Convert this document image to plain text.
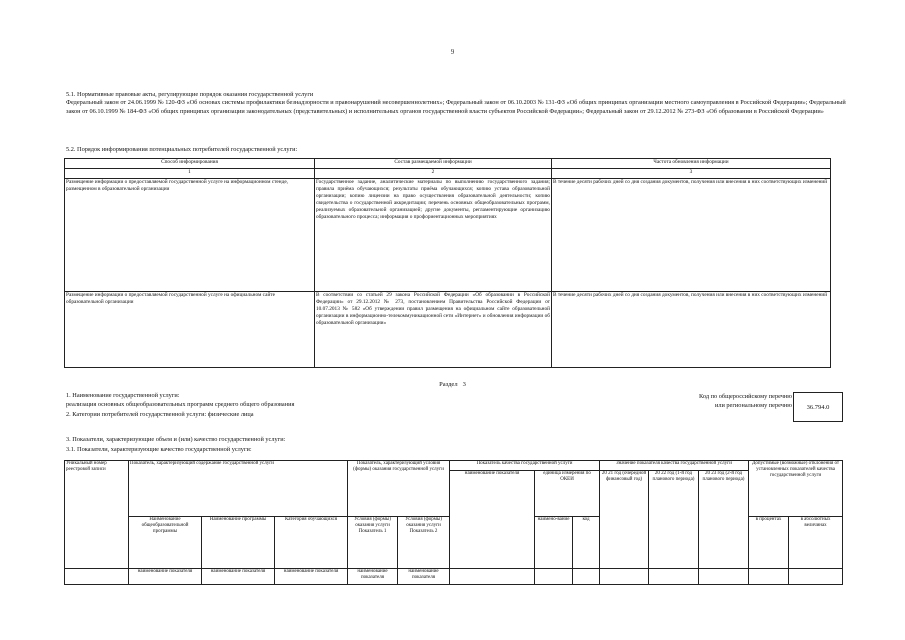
9
5.1. Нормативные правовые акты, регулирующие порядок оказания государственной услуги
Федеральный закон от 24.06.1999 № 120-ФЗ «Об основах системы профилактики безнадзорности и правонарушений несовершеннолетних»; Федеральный закон от 06.10.2003 № 131-ФЗ «Об общих принципах организации местного самоуправления в Российской Федерации»; Федеральный закон от 06.10.1999 № 184-ФЗ «Об общих принципах организации законодательных (представительных) и исполнительных органов государственной власти субъектов Российской Федерации»; Федеральный закон от 29.12.2012 № 273-ФЗ «Об образовании в Российской Федерации»
5.2. Порядок информирования потенциальных потребителей государственной услуги:
Способ информирования	Состав размещаемой информации	Частота обновления информации
1	2	3
Размещение информации о предоставляемой государственной услуге на информационном стенде, размещенном в образовательной организации	Государственное задание, аналитические материалы по выполнению государственного задания; правила приёма обучающихся; результаты приёма обучающихся; копию устава образовательной организации; копию лицензии на право осуществления образовательной деятельности; копию свидетельства о государственной аккредитации; перечень основных общеобразовательных программ, реализуемых образовательной организацией; другие документы, регламентирующие организацию образовательного процесса; информация о профориентационных мероприятиях	В течение десяти рабочих дней со дня создания документов, получения или внесения в них соответствующих изменений
Размещение информации о предоставляемой государственной услуге на официальном сайте образовательной организации	В соответствии со статьей 29 закона Российской Федерации «Об образовании в Российской Федерации» от 29.12.2012 № 273, постановлением Правительства Российской Федерации от 10.07.2013 № 582 «Об утверждении правил размещения на официальном сайте образовательной организации в информационно-телекоммуникационной сети «Интернет» и обновления информации об образовательной организации»	В течение десяти рабочих дней со дня создания документов, получения или внесения в них соответствующих изменений
Раздел 3
1. Наименование государственной услуги:
реализация основных общеобразовательных программ среднего общего образования
2. Категории потребителей государственной услуги: физические лица
Код по общероссийскому перечню или региональному перечню	36.794.0
3. Показатели, характеризующие объем и (или) качество государственной услуги:
3.1. Показатели, характеризующие качество государственной услуги:
Уникальный номер реестровой записи	Показатель, характеризующий содержание государственной услуги			Показатель, характеризующий условия (формы) оказания государственной услуги		Показатель качества государственной услуги			Значение показателя качества государственной услуги			Допустимые (возможные) отклонения от установленных показателей качества государственной услуги	
						наименование показателя	единица измерения по ОКЕИ		20 21 год (очередной финансовый год)	20 22 год (1-й год планового периода)	20 23 год (2-й год планового периода)		
	Наименование общеобразовательной программы	Наименование программы	Категория обучающихся	Условия (формы) оказания услуги Показатель 1	Условия (формы) оказания услуги Показатель 2		наимено-вание	код				в процентах	в абсолютных величинах
	наименование показателя	наименование показателя	наименование показателя	наименование показателя	наименование показателя								
